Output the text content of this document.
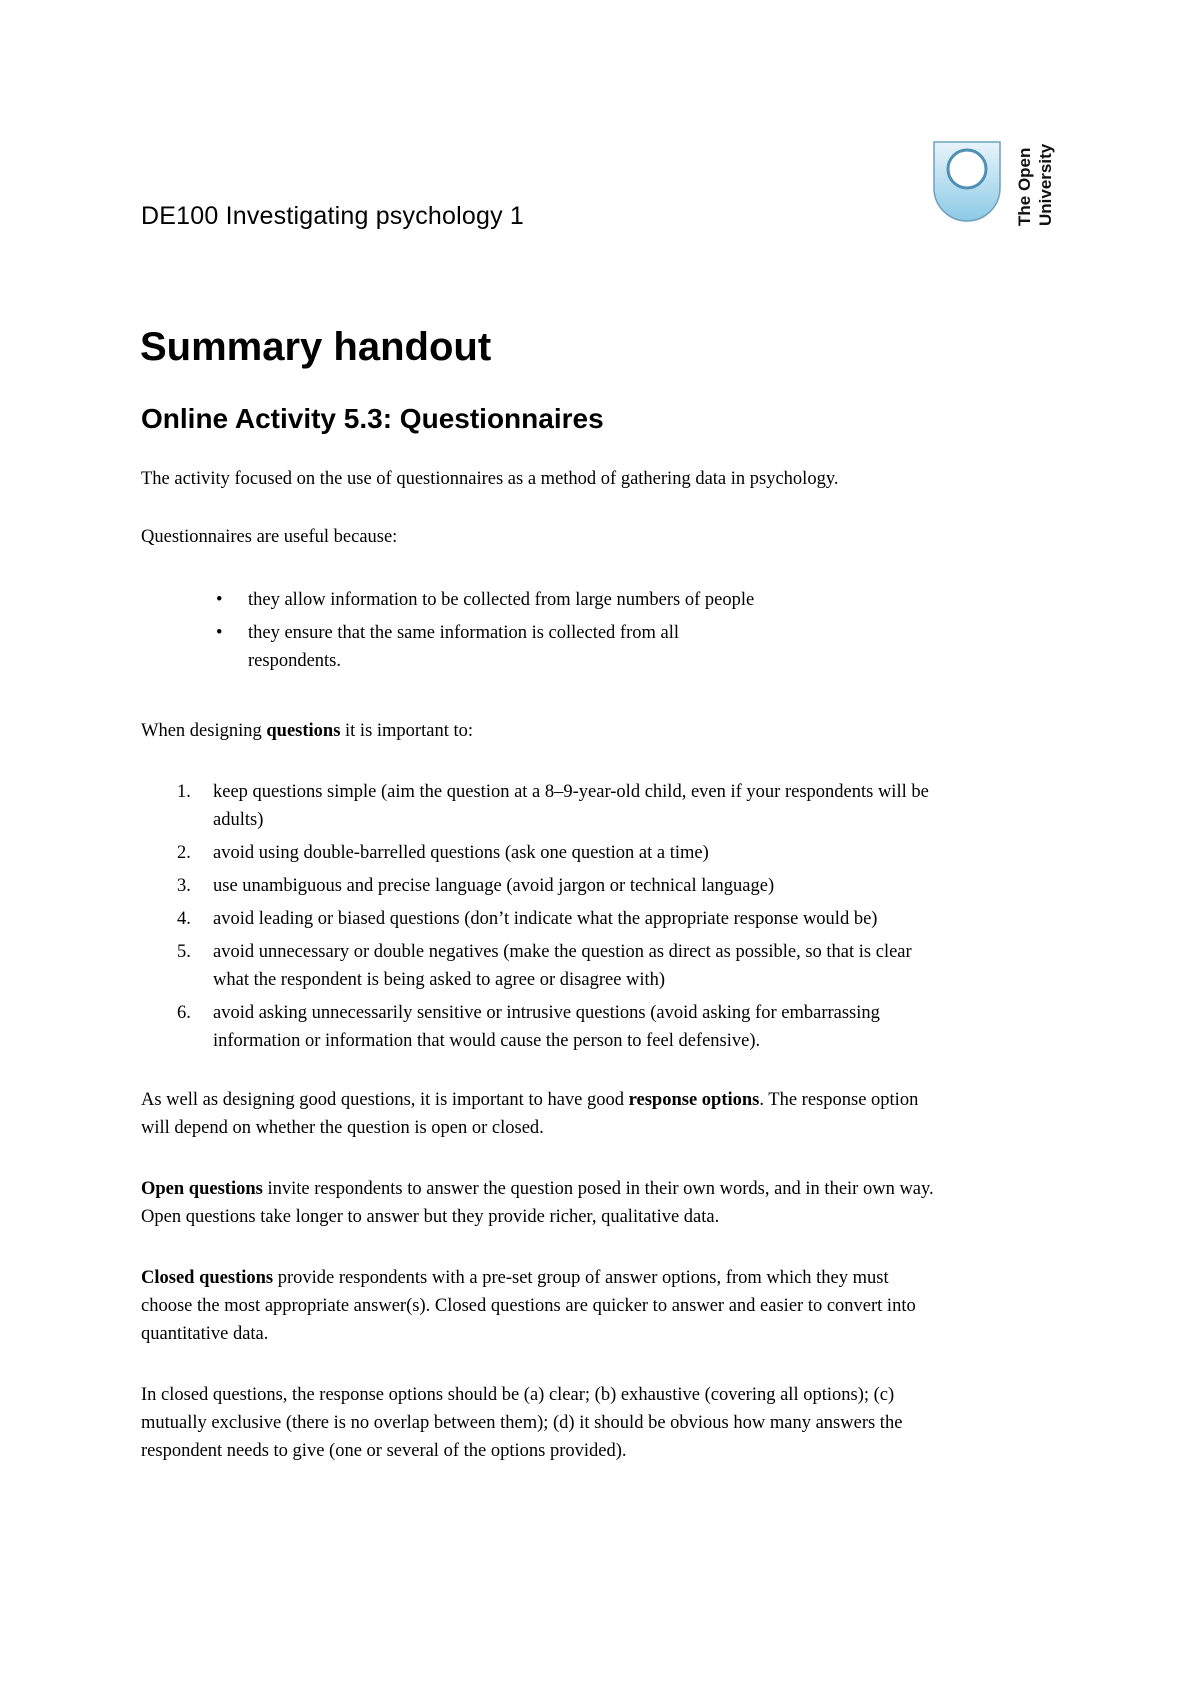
DE100 Investigating psychology 1	The Open University
Summary handout
Online Activity 5.3: Questionnaires
The activity focused on the use of questionnaires as a method of gathering data in psychology.
Questionnaires are useful because:
• they allow information to be collected from large numbers of people
• they ensure that the same information is collected from all
respondents.
When designing questions it is important to:
1. keep questions simple (aim the question at a 8–9-year-old child, even if your respondents will be
adults)
2. avoid using double-barrelled questions (ask one question at a time)
3. use unambiguous and precise language (avoid jargon or technical language)
4. avoid leading or biased questions (don’t indicate what the appropriate response would be)
5. avoid unnecessary or double negatives (make the question as direct as possible, so that is clear
what the respondent is being asked to agree or disagree with)
6. avoid asking unnecessarily sensitive or intrusive questions (avoid asking for embarrassing
information or information that would cause the person to feel defensive).
As well as designing good questions, it is important to have good response options. The response option
will depend on whether the question is open or closed.
Open questions invite respondents to answer the question posed in their own words, and in their own way.
Open questions take longer to answer but they provide richer, qualitative data.
Closed questions provide respondents with a pre-set group of answer options, from which they must
choose the most appropriate answer(s). Closed questions are quicker to answer and easier to convert into
quantitative data.
In closed questions, the response options should be (a) clear; (b) exhaustive (covering all options); (c)
mutually exclusive (there is no overlap between them); (d) it should be obvious how many answers the
respondent needs to give (one or several of the options provided).
